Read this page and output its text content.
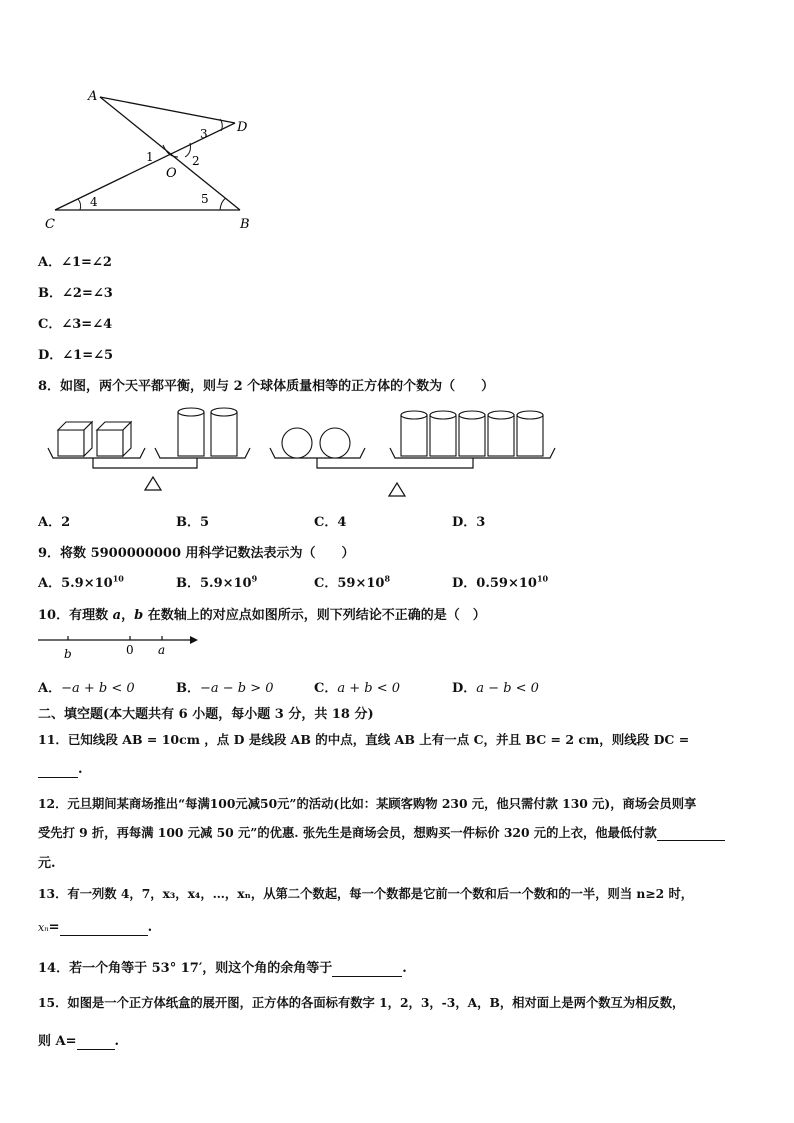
A
D
O
C	B
1	2
3
4	5
A．∠1=∠2
B．∠2=∠3
C．∠3=∠4
D．∠1=∠5
8．如图，两个天平都平衡，则与 2 个球体质量相等的正方体的个数为（　　）
A．2	B．5	C．4	D．3
9．将数 5900000000 用科学记数法表示为（　　）
A．$5.9\times 10^{10}$	B．$5.9\times 10^9$	C．$59\times 10^8$	D．$0.59\times 10^{10}$
10．有理数 a，b 在数轴上的对应点如图所示，则下列结论不正确的是（　）
b	0 a
A．−a + b < 0	B．−a − b > 0	C．a + b < 0	D．a − b < 0
二、填空题(本大题共有 6 小题，每小题 3 分，共 18 分)
11．已知线段 AB = 10cm ，点 D 是线段 AB 的中点，直线 AB 上有一点 C，并且 BC = 2 cm，则线段 DC =
.
12．元旦期间某商场推出“每满100元减50元”的活动(比如：某顾客购物 230 元，他只需付款 130 元)，商场会员则享
受先打 9 折，再每满 100 元减 50 元”的优惠. 张先生是商场会员，想购买一件标价 320 元的上衣，他最低付款
元.
13．有一列数 4，7，x₃，x₄，…，xₙ，从第二个数起，每一个数都是它前一个数和后一个数和的一半，则当 n≥2 时，
xₙ=	.
14．若一个角等于 53° 17′，则这个角的余角等于	.
15．如图是一个正方体纸盒的展开图，正方体的各面标有数字 1，2，3，-3，A，B，相对面上是两个数互为相反数，
则 A=	.
